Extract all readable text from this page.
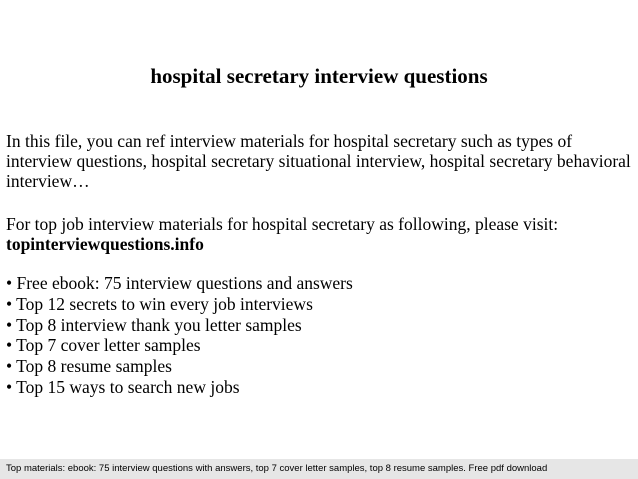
hospital secretary interview questions

In this file, you can ref interview materials for hospital secretary such as types of interview questions, hospital secretary situational interview, hospital secretary behavioral interview…

For top job interview materials for hospital secretary as following, please visit:
topinterviewquestions.info

• Free ebook: 75 interview questions and answers
• Top 12 secrets to win every job interviews
• Top 8 interview thank you letter samples
• Top 7 cover letter samples
• Top 8 resume samples
• Top 15 ways to search new jobs
Top materials: ebook: 75 interview questions with answers, top 7 cover letter samples, top 8 resume samples. Free pdf download
